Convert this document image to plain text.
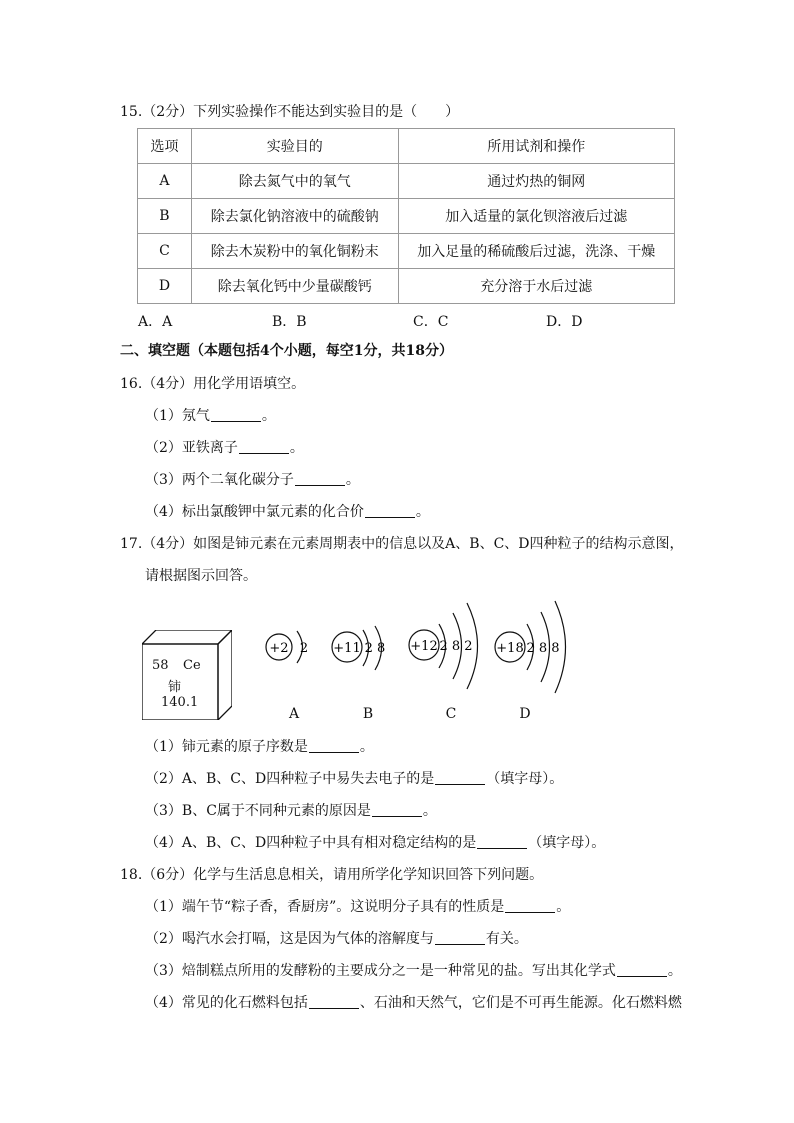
15.（2分）下列实验操作不能达到实验目的是（　　）
选项	实验目的	所用试剂和操作
A	除去氮气中的氧气	通过灼热的铜网
B	除去氯化钠溶液中的硫酸钠	加入适量的氯化钡溶液后过滤
C	除去木炭粉中的氧化铜粉末	加入足量的稀硫酸后过滤，洗涤、干燥
D	除去氧化钙中少量碳酸钙	充分溶于水后过滤
A．A	B．B	C．C	D．D
二、填空题（本题包括4个小题，每空1分，共18分）
16.（4分）用化学用语填空。
（1）氖气	。
（2）亚铁离子	。
（3）两个二氧化碳分子	。
（4）标出氯酸钾中氯元素的化合价	。
17.（4分）如图是铈元素在元素周期表中的信息以及A、B、C、D四种粒子的结构示意图，
请根据图示回答。
58 Ce
铈
140.1
+2 2 +11 2 8 +12 2 8 2 +18 2 8 8
A	B	C	D
（1）铈元素的原子序数是	。
（2）A、B、C、D四种粒子中易失去电子的是	（填字母）。
（3）B、C属于不同种元素的原因是	。
（4）A、B、C、D四种粒子中具有相对稳定结构的是	（填字母）。
18.（6分）化学与生活息息相关，请用所学化学知识回答下列问题。
（1）端午节“粽子香，香厨房”。这说明分子具有的性质是	。
（2）喝汽水会打嗝，这是因为气体的溶解度与	有关。
（3）焙制糕点所用的发酵粉的主要成分之一是一种常见的盐。写出其化学式	。
（4）常见的化石燃料包括	、石油和天然气，它们是不可再生能源。化石燃料燃
